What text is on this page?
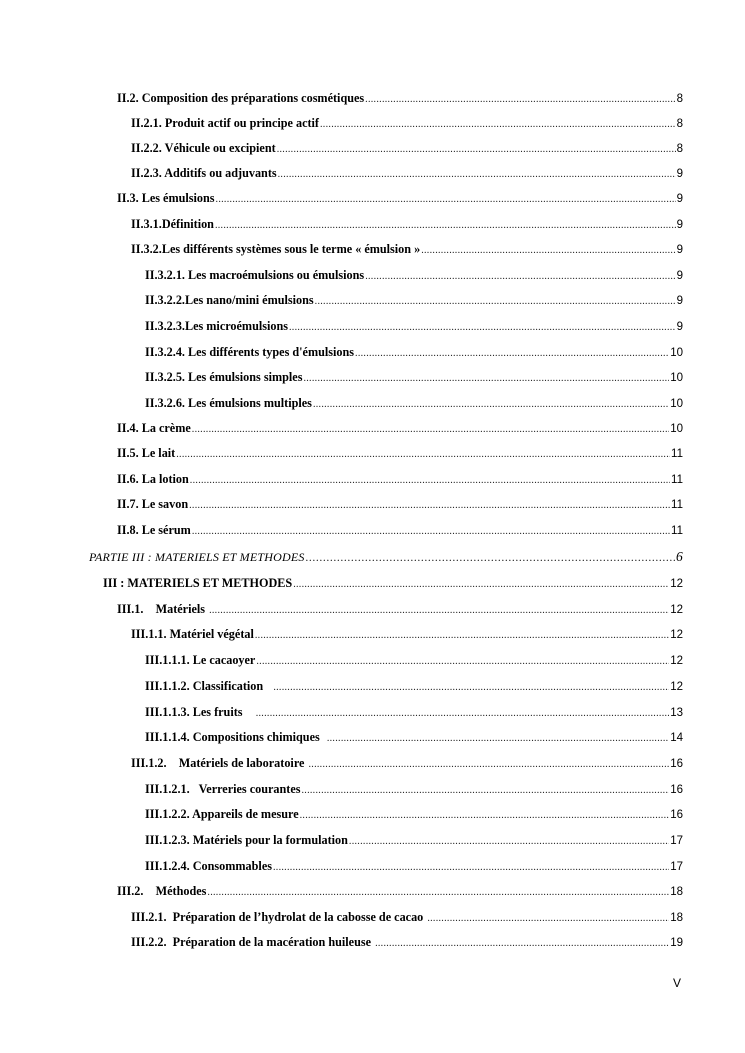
II.2. Composition des préparations cosmétiques .....	8
II.2.1. Produit actif ou principe actif .....	8
II.2.2. Véhicule ou excipient .....	8
II.2.3. Additifs ou adjuvants .....	9
II.3. Les émulsions .....	9
II.3.1.Définition .....	9
II.3.2.Les différents systèmes sous le terme « émulsion » .....	9
II.3.2.1. Les macroémulsions ou émulsions .....	9
II.3.2.2.Les nano/mini émulsions .....	9
II.3.2.3.Les microémulsions .....	9
II.3.2.4. Les différents types d'émulsions .....	10
II.3.2.5. Les émulsions simples .....	10
II.3.2.6. Les émulsions multiples .....	10
II.4. La crème .....	10
II.5. Le lait .....	11
II.6. La lotion .....	11
II.7. Le savon .....	11
II.8. Le sérum .....	11
PARTIE III : MATERIELS ET METHODES .....	6
III : MATERIELS ET METHODES .....	12
III.1.    Matériels .....	12
III.1.1. Matériel végétal .....	12
III.1.1.1. Le cacaoyer .....	12
III.1.1.2. Classification .....	12
III.1.1.3. Les fruits .....	13
III.1.1.4. Compositions chimiques .....	14
III.1.2.    Matériels de laboratoire .....	16
III.1.2.1.   Verreries courantes .....	16
III.1.2.2. Appareils de mesure .....	16
III.1.2.3. Matériels pour la formulation .....	17
III.1.2.4. Consommables .....	17
III.2.    Méthodes .....	18
III.2.1.  Préparation de l’hydrolat de la cabosse de cacao .....	18
III.2.2.  Préparation de la macération huileuse .....	19
V
